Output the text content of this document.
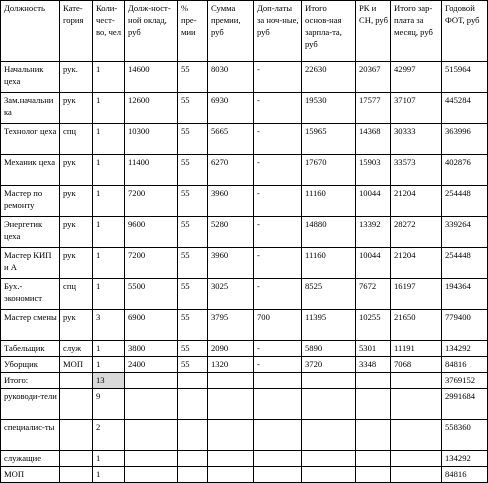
Должность	Кате-гория	Коли-чест-во, чел	Долж-ност-ной оклад, руб	% пре-мии	Сумма премии, руб	Доп-латы за ноч-ные, руб	Итого основ-ная зарпла-та, руб	РК и СН, руб	Итого зар-плата за месяц, руб	Годовой ФОТ, руб
Начальник цеха	рук.	1	14600	55	8030	-	22630	20367	42997	515964
Зам.начальника	рук	1	12600	55	6930	-	19530	17577	37107	445284
Технолог цеха	спц	1	10300	55	5665	-	15965	14368	30333	363996
Механик цеха	рук	1	11400	55	6270	-	17670	15903	33573	402876
Мастер по ремонту	рук	1	7200	55	3960	-	11160	10044	21204	254448
Энергетик цеха	рук	1	9600	55	5280	-	14880	13392	28272	339264
Мастер КИП и А	рук	1	7200	55	3960	-	11160	10044	21204	254448
Бух.-экономист	спц	1	5500	55	3025	-	8525	7672	16197	194364
Мастер смены	рук	3	6900	55	3795	700	11395	10255	21650	779400
Табельщик	служ	1	3800	55	2090	-	5890	5301	11191	134292
Уборщик	МОП	1	2400	55	1320	-	3720	3348	7068	84816
Итого:		13								3769152
руководи-тели		9								2991684
специалис-ты		2								558360
служащие		1								134292
МОП		1								84816
